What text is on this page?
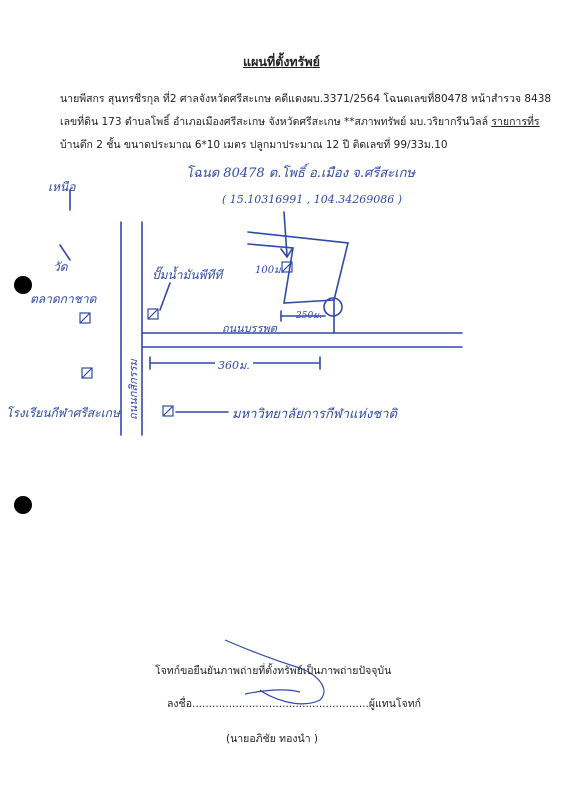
แผนที่ตั้งทรัพย์
นายพีสกร สุนทรชีรกุล ที่2 ศาลจังหวัดศรีสะเกษ คดีแดงผบ.3371/2564 โฉนดเลขที่80478 หน้าสำรวจ 8438
เลขที่ดิน 173 ตำบลโพธิ์ อำเภอเมืองศรีสะเกษ จังหวัดศรีสะเกษ **สภาพทรัพย์ มบ.วริยากรีนวิลล์ รายการที่ร
บ้านตึก 2 ชั้น ขนาดประมาณ 6*10 เมตร ปลูกมาประมาณ 12 ปี ติดเลขที่ 99/33ม.10
โฉนด 80478 ต.โพธิ์ อ.เมือง จ.ศรีสะเกษ
( 15.10316991 , 104.34269086 )
เหนือ
วัด
ตลาดกาชาด
ปั๊มน้ำมันพีทีที	100ม.
250ม.
360ม.
ถนนบรรพต
ถนนกสิกรรม
โรงเรียนกีฬาศรีสะเกษ	มหาวิทยาลัยการกีฬาแห่งชาติ
โจทก์ขอยืนยันภาพถ่ายที่ตั้งทรัพย์เป็นภาพถ่ายปัจจุบัน
ลงชื่อ.....................................................ผู้แทนโจทก์
(นายอภิชัย ทองนำ )
